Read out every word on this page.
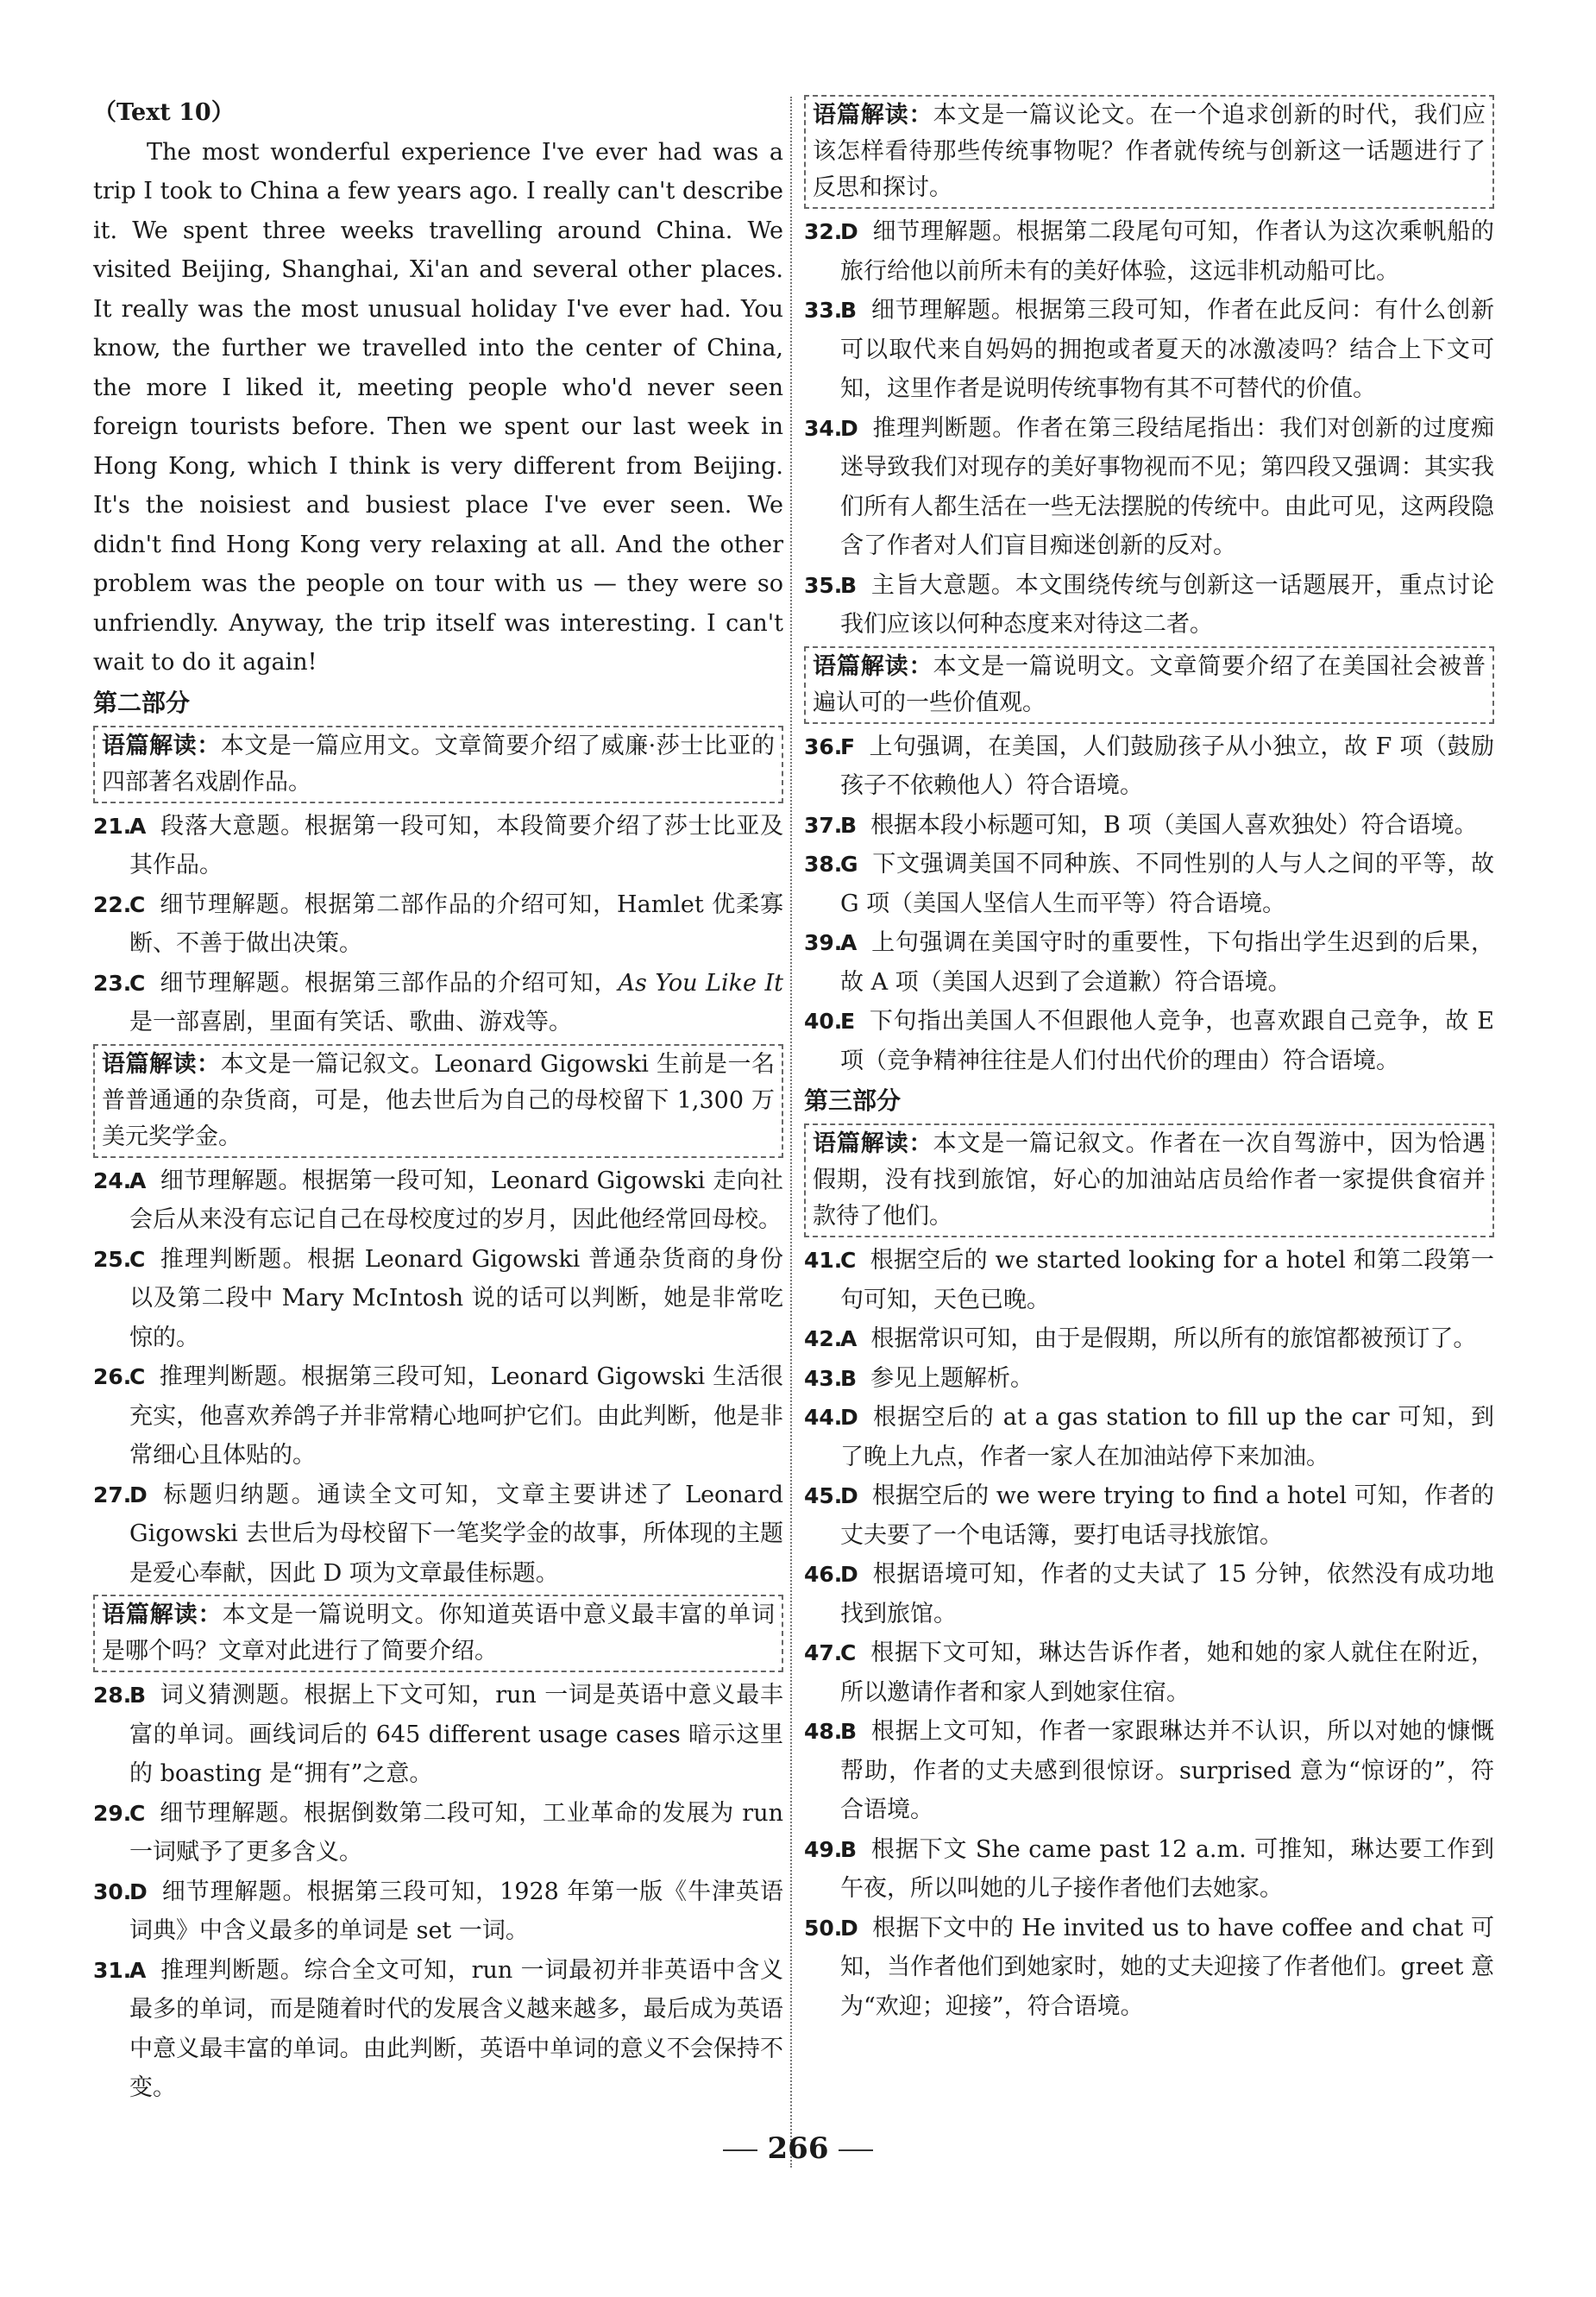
（Text 10）
The most wonderful experience I've ever had was a trip I took to China a few years ago. I really can't describe it. We spent three weeks travelling around China. We visited Beijing, Shanghai, Xi'an and several other places. It really was the most unusual holiday I've ever had. You know, the further we travelled into the center of China, the more I liked it, meeting people who'd never seen foreign tourists before. Then we spent our last week in Hong Kong, which I think is very different from Beijing. It's the noisiest and busiest place I've ever seen. We didn't find Hong Kong very relaxing at all. And the other problem was the people on tour with us — they were so unfriendly. Anyway, the trip itself was interesting. I can't wait to do it again!
第二部分
语篇解读：本文是一篇应用文。文章简要介绍了威廉·莎士比亚的四部著名戏剧作品。
21.
A 段落大意题。根据第一段可知，本段简要介绍了莎士比亚及其作品。
22.
C 细节理解题。根据第二部作品的介绍可知，Hamlet 优柔寡断、不善于做出决策。
23.
C 细节理解题。根据第三部作品的介绍可知，As You Like It 是一部喜剧，里面有笑话、歌曲、游戏等。
语篇解读：本文是一篇记叙文。Leonard Gigowski 生前是一名普普通通的杂货商，可是，他去世后为自己的母校留下 1,300 万美元奖学金。
24.
A 细节理解题。根据第一段可知，Leonard Gigowski 走向社会后从来没有忘记自己在母校度过的岁月，因此他经常回母校。
25.
C 推理判断题。根据 Leonard Gigowski 普通杂货商的身份以及第二段中 Mary McIntosh 说的话可以判断，她是非常吃惊的。
26.
C 推理判断题。根据第三段可知，Leonard Gigowski 生活很充实，他喜欢养鸽子并非常精心地呵护它们。由此判断，他是非常细心且体贴的。
27.
D 标题归纳题。通读全文可知，文章主要讲述了 Leonard Gigowski 去世后为母校留下一笔奖学金的故事，所体现的主题是爱心奉献，因此 D 项为文章最佳标题。
语篇解读：本文是一篇说明文。你知道英语中意义最丰富的单词是哪个吗？文章对此进行了简要介绍。
28.
B 词义猜测题。根据上下文可知，run 一词是英语中意义最丰富的单词。画线词后的 645 different usage cases 暗示这里的 boasting 是“拥有”之意。
29.
C 细节理解题。根据倒数第二段可知，工业革命的发展为 run 一词赋予了更多含义。
30.
D 细节理解题。根据第三段可知，1928 年第一版《牛津英语词典》中含义最多的单词是 set 一词。
31.
A 推理判断题。综合全文可知，run 一词最初并非英语中含义最多的单词，而是随着时代的发展含义越来越多，最后成为英语中意义最丰富的单词。由此判断，英语中单词的意义不会保持不变。
语篇解读：本文是一篇议论文。在一个追求创新的时代，我们应该怎样看待那些传统事物呢？作者就传统与创新这一话题进行了反思和探讨。
32.
D 细节理解题。根据第二段尾句可知，作者认为这次乘帆船的旅行给他以前所未有的美好体验，这远非机动船可比。
33.
B 细节理解题。根据第三段可知，作者在此反问：有什么创新可以取代来自妈妈的拥抱或者夏天的冰激凌吗？结合上下文可知，这里作者是说明传统事物有其不可替代的价值。
34.
D 推理判断题。作者在第三段结尾指出：我们对创新的过度痴迷导致我们对现存的美好事物视而不见；第四段又强调：其实我们所有人都生活在一些无法摆脱的传统中。由此可见，这两段隐含了作者对人们盲目痴迷创新的反对。
35.
B 主旨大意题。本文围绕传统与创新这一话题展开，重点讨论我们应该以何种态度来对待这二者。
语篇解读：本文是一篇说明文。文章简要介绍了在美国社会被普遍认可的一些价值观。
36.
F 上句强调，在美国，人们鼓励孩子从小独立，故 F 项（鼓励孩子不依赖他人）符合语境。
37.
B 根据本段小标题可知，B 项（美国人喜欢独处）符合语境。
38.
G 下文强调美国不同种族、不同性别的人与人之间的平等，故 G 项（美国人坚信人生而平等）符合语境。
39.
A 上句强调在美国守时的重要性，下句指出学生迟到的后果，故 A 项（美国人迟到了会道歉）符合语境。
40.
E 下句指出美国人不但跟他人竞争，也喜欢跟自己竞争，故 E 项（竞争精神往往是人们付出代价的理由）符合语境。
第三部分
语篇解读：本文是一篇记叙文。作者在一次自驾游中，因为恰遇假期，没有找到旅馆，好心的加油站店员给作者一家提供食宿并款待了他们。
41.
C 根据空后的 we started looking for a hotel 和第二段第一句可知，天色已晚。
42.
A 根据常识可知，由于是假期，所以所有的旅馆都被预订了。
43.
B 参见上题解析。
44.
D 根据空后的 at a gas station to fill up the car 可知，到了晚上九点，作者一家人在加油站停下来加油。
45.
D 根据空后的 we were trying to find a hotel 可知，作者的丈夫要了一个电话簿，要打电话寻找旅馆。
46.
D 根据语境可知，作者的丈夫试了 15 分钟，依然没有成功地找到旅馆。
47.
C 根据下文可知，琳达告诉作者，她和她的家人就住在附近，所以邀请作者和家人到她家住宿。
48.
B 根据上文可知，作者一家跟琳达并不认识，所以对她的慷慨帮助，作者的丈夫感到很惊讶。surprised 意为“惊讶的”，符合语境。
49.
B 根据下文 She came past 12 a.m. 可推知，琳达要工作到午夜，所以叫她的儿子接作者他们去她家。
50.
D 根据下文中的 He invited us to have coffee and chat 可知，当作者他们到她家时，她的丈夫迎接了作者他们。greet 意为“欢迎；迎接”，符合语境。
266
